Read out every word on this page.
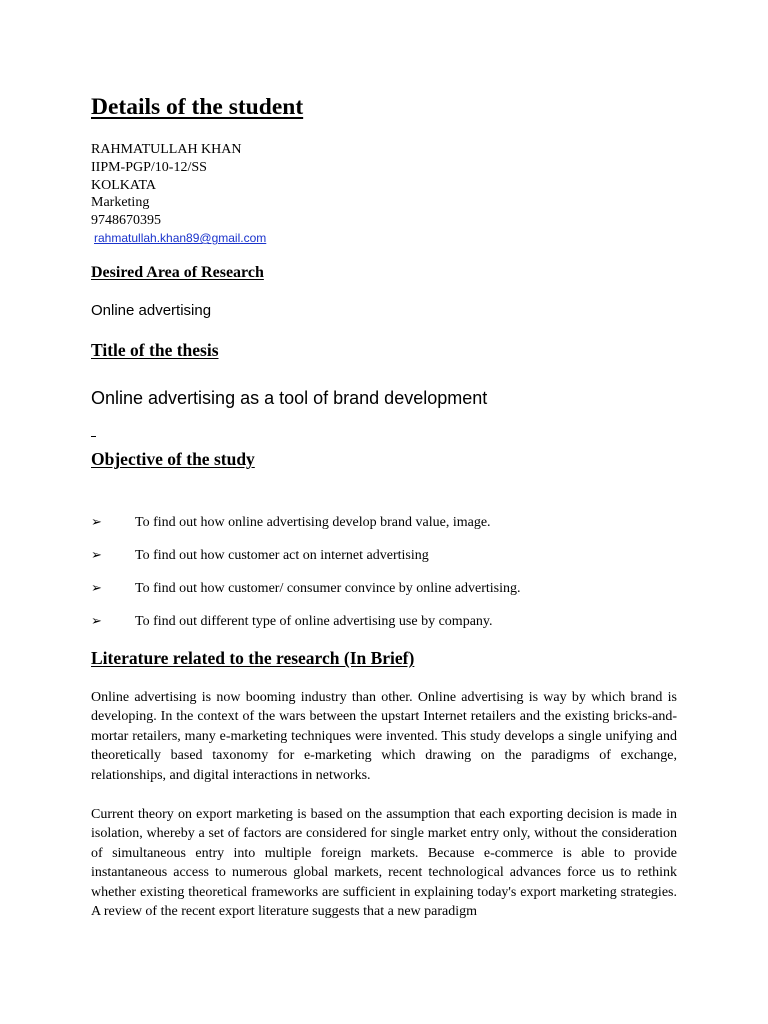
Details of the student
RAHMATULLAH KHAN
IIPM-PGP/10-12/SS
KOLKATA
Marketing
9748670395
rahmatullah.khan89@gmail.com
Desired Area of Research

Online advertising

Title of the thesis

Online advertising as a tool of brand development

Objective of the study
➢ To find out how online advertising develop brand value, image.
➢ To find out how customer act on internet advertising
➢ To find out how customer/ consumer convince by online advertising.
➢ To find out different type of online advertising use by company.
Literature related to the research (In Brief)

Online advertising is now booming industry than other. Online advertising is way by which brand is developing. In the context of the wars between the upstart Internet retailers and the existing bricks-and-mortar retailers, many e-marketing techniques were invented. This study develops a single unifying and theoretically based taxonomy for e-marketing which drawing on the paradigms of exchange, relationships, and digital interactions in networks.

Current theory on export marketing is based on the assumption that each exporting decision is made in isolation, whereby a set of factors are considered for single market entry only, without the consideration of simultaneous entry into multiple foreign markets. Because e-commerce is able to provide instantaneous access to numerous global markets, recent technological advances force us to rethink whether existing theoretical frameworks are sufficient in explaining today's export marketing strategies. A review of the recent export literature suggests that a new paradigm
